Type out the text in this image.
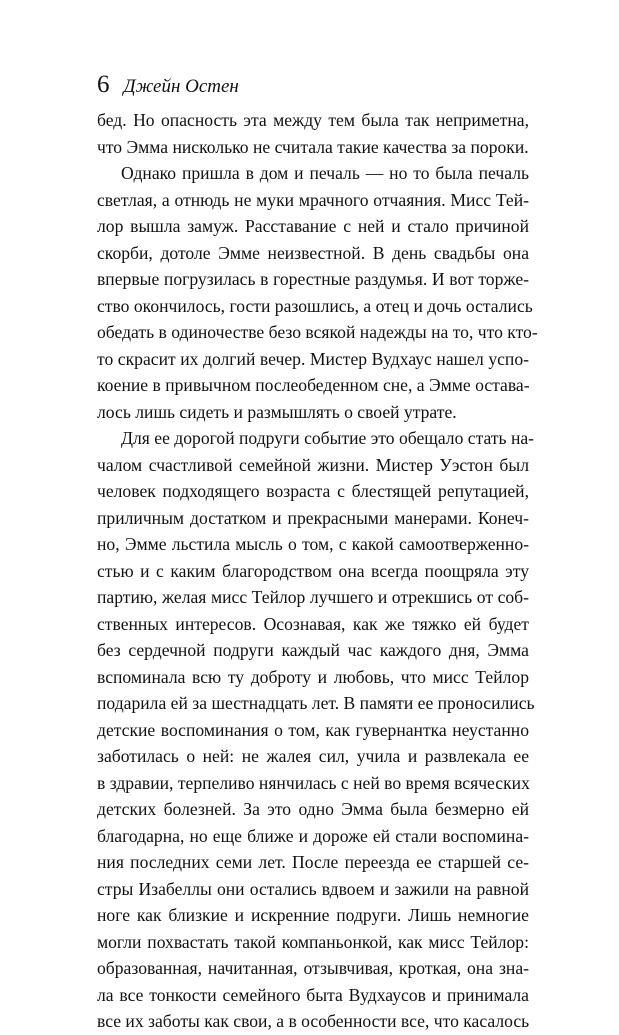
6 Джейн Остен
бед. Но опасность эта между тем была так неприметна,
что Эмма нисколько не считала такие качества за пороки.
Однако пришла в дом и печаль — но то была печаль
светлая, а отнюдь не муки мрачного отчаяния. Мисс Тей-
лор вышла замуж. Расставание с ней и стало причиной
скорби, дотоле Эмме неизвестной. В день свадьбы она
впервые погрузилась в горестные раздумья. И вот торже-
ство окончилось, гости разошлись, а отец и дочь остались
обедать в одиночестве безо всякой надежды на то, что кто-
то скрасит их долгий вечер. Мистер Вудхаус нашел успо-
коение в привычном послеобеденном сне, а Эмме остава-
лось лишь сидеть и размышлять о своей утрате.
Для ее дорогой подруги событие это обещало стать на-
чалом счастливой семейной жизни. Мистер Уэстон был
человек подходящего возраста с блестящей репутацией,
приличным достатком и прекрасными манерами. Конеч-
но, Эмме льстила мысль о том, с какой самоотверженно-
стью и с каким благородством она всегда поощряла эту
партию, желая мисс Тейлор лучшего и отрекшись от соб-
ственных интересов. Осознавая, как же тяжко ей будет
без сердечной подруги каждый час каждого дня, Эмма
вспоминала всю ту доброту и любовь, что мисс Тейлор
подарила ей за шестнадцать лет. В памяти ее проносились
детские воспоминания о том, как гувернантка неустанно
заботилась о ней: не жалея сил, учила и развлекала ее
в здравии, терпеливо нянчилась с ней во время всяческих
детских болезней. За это одно Эмма была безмерно ей
благодарна, но еще ближе и дороже ей стали воспомина-
ния последних семи лет. После переезда ее старшей се-
стры Изабеллы они остались вдвоем и зажили на равной
ноге как близкие и искренние подруги. Лишь немногие
могли похвастать такой компаньонкой, как мисс Тейлор:
образованная, начитанная, отзывчивая, кроткая, она зна-
ла все тонкости семейного быта Вудхаусов и принимала
все их заботы как свои, а в особенности все, что касалось
